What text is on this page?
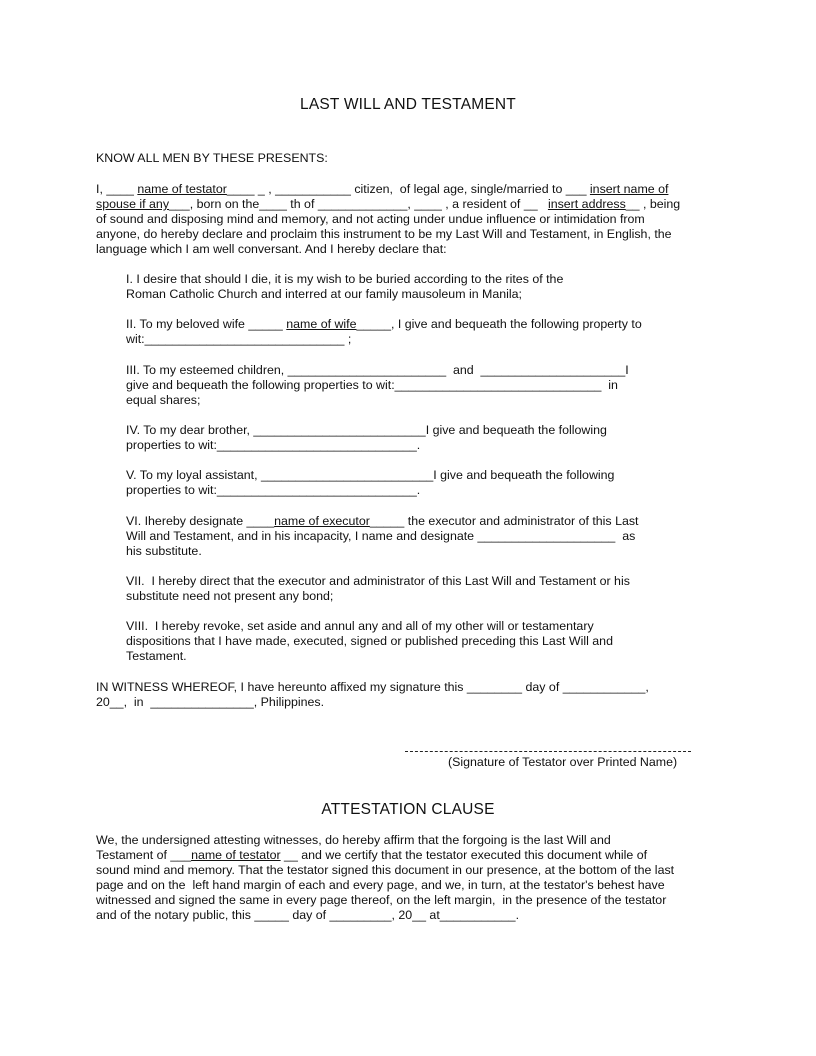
LAST WILL AND TESTAMENT
KNOW ALL MEN BY THESE PRESENTS:
I, ____ name of testator____ _ , ___________ citizen,  of legal age, single/married to ___ insert name of
spouse if any___, born on the____ th of _____________, ____ , a resident of __   insert address__ , being
of sound and disposing mind and memory, and not acting under undue influence or intimidation from
anyone, do hereby declare and proclaim this instrument to be my Last Will and Testament, in English, the
language which I am well conversant. And I hereby declare that:
I. I desire that should I die, it is my wish to be buried according to the rites of the
Roman Catholic Church and interred at our family mausoleum in Manila;
II. To my beloved wife _____ name of wife_____, I give and bequeath the following property to
wit:_____________________________ ;
III. To my esteemed children, _______________________  and  _____________________I
give and bequeath the following properties to wit:______________________________  in
equal shares;
IV. To my dear brother, _________________________I give and bequeath the following
properties to wit:_____________________________.
V. To my loyal assistant, _________________________I give and bequeath the following
properties to wit:_____________________________.
VI. Ihereby designate ____name of executor_____ the executor and administrator of this Last
Will and Testament, and in his incapacity, I name and designate ____________________  as
his substitute.
VII.  I hereby direct that the executor and administrator of this Last Will and Testament or his
substitute need not present any bond;
VIII.  I hereby revoke, set aside and annul any and all of my other will or testamentary
dispositions that I have made, executed, signed or published preceding this Last Will and
Testament.
IN WITNESS WHEREOF, I have hereunto affixed my signature this ________ day of ____________,
20__,  in  _______________, Philippines.
(Signature of Testator over Printed Name)
ATTESTATION CLAUSE
We, the undersigned attesting witnesses, do hereby affirm that the forgoing is the last Will and
Testament of ___name of testator __ and we certify that the testator executed this document while of
sound mind and memory. That the testator signed this document in our presence, at the bottom of the last
page and on the  left hand margin of each and every page, and we, in turn, at the testator's behest have
witnessed and signed the same in every page thereof, on the left margin,  in the presence of the testator
and of the notary public, this _____ day of _________, 20__ at___________.
